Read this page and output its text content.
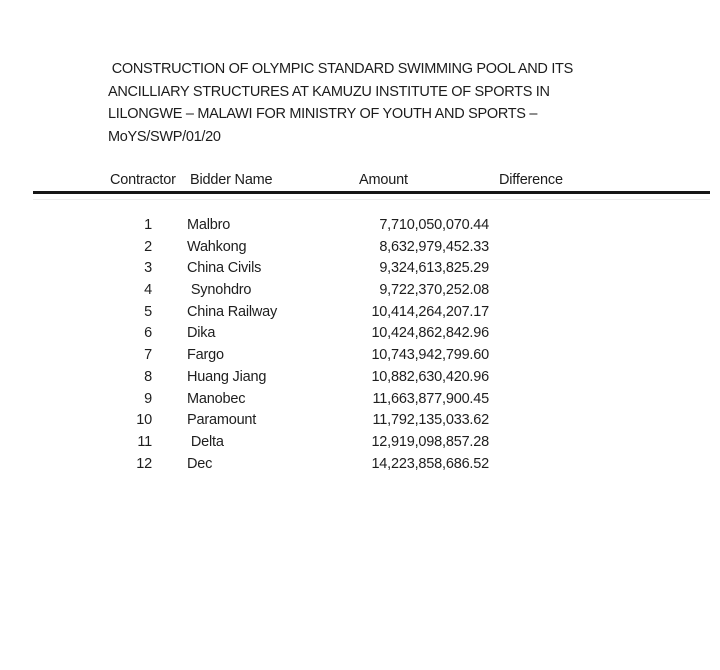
CONSTRUCTION OF OLYMPIC STANDARD SWIMMING POOL AND ITS
ANCILLIARY STRUCTURES AT KAMUZU INSTITUTE OF SPORTS IN
LILONGWE – MALAWI FOR MINISTRY OF YOUTH AND SPORTS –
MoYS/SWP/01/20
Contractor Bidder Name	Amount	Difference
1 Malbro	7,710,050,070.44
2 Wahkong	8,632,979,452.33
3 China Civils	9,324,613,825.29
4 Synohdro	9,722,370,252.08
5 China Railway	10,414,264,207.17
6 Dika	10,424,862,842.96
7 Fargo	10,743,942,799.60
8 Huang Jiang	10,882,630,420.96
9 Manobec	11,663,877,900.45
10 Paramount	11,792,135,033.62
11 Delta	12,919,098,857.28
12 Dec	14,223,858,686.52
